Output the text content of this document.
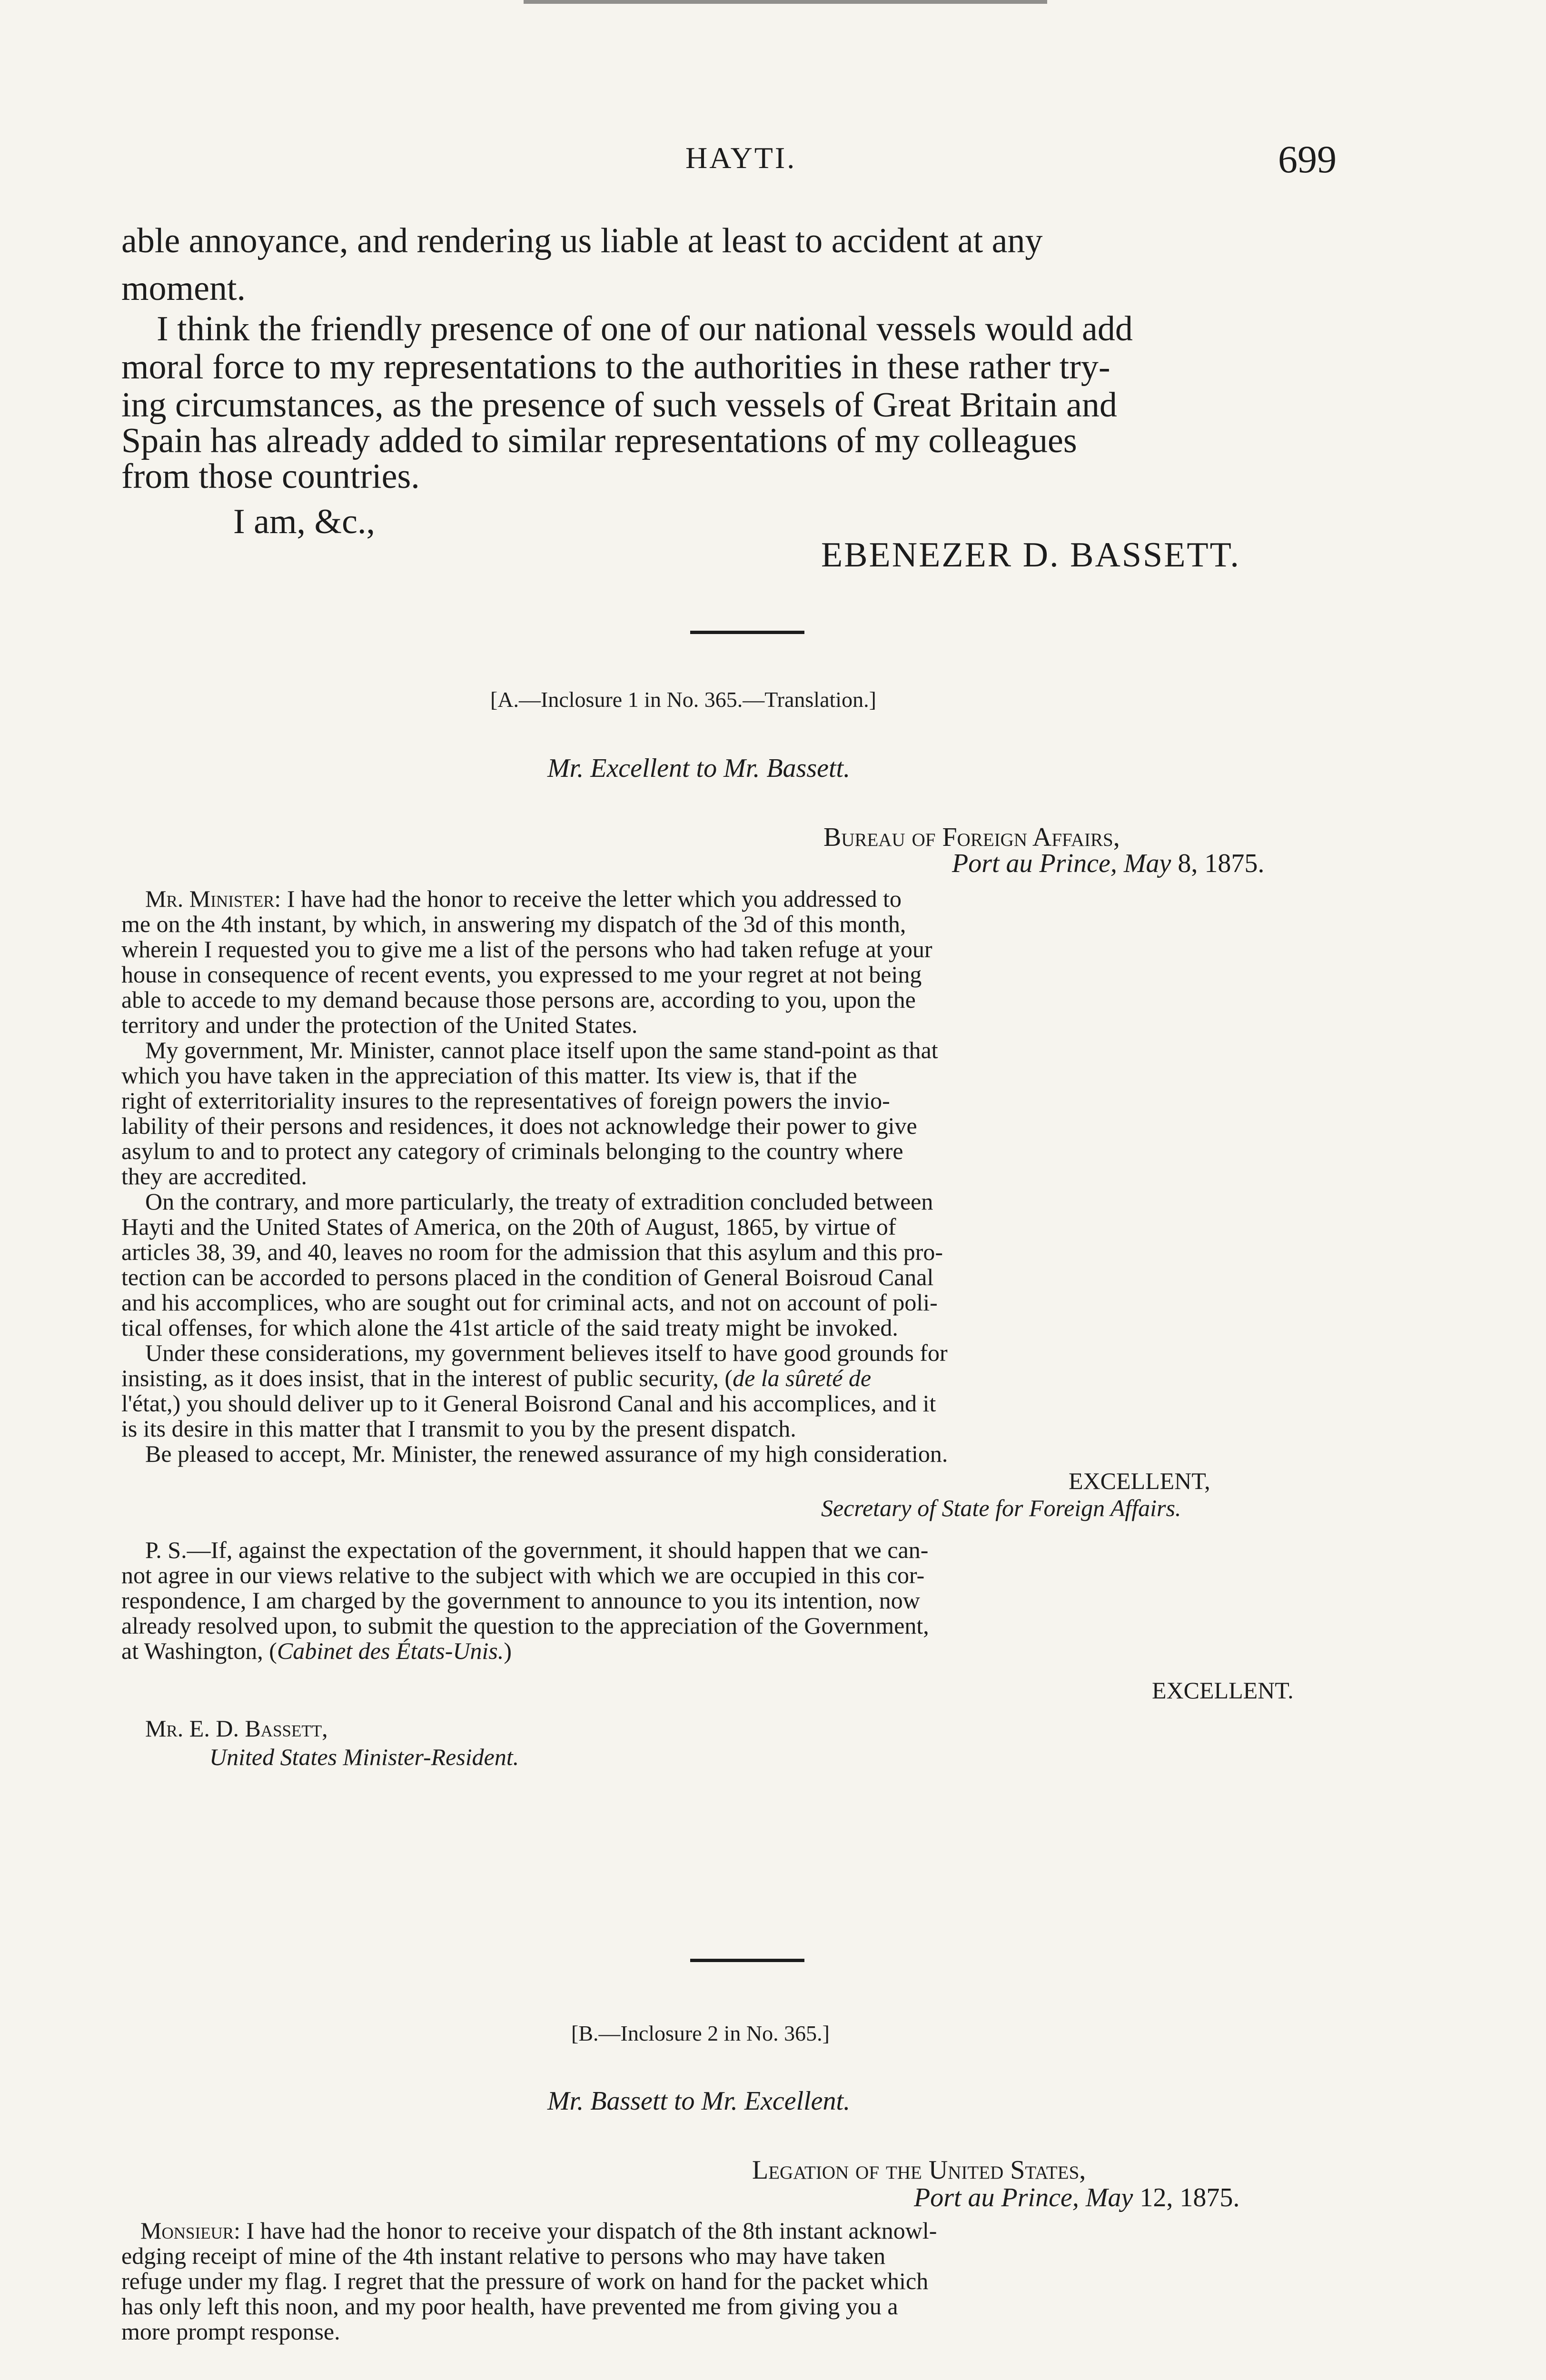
HAYTI.	699
able annoyance, and rendering us liable at least to accident at any
moment.
I think the friendly presence of one of our national vessels would add
moral force to my representations to the authorities in these rather try-
ing circumstances, as the presence of such vessels of Great Britain and
Spain has already added to similar representations of my colleagues
from those countries.
I am, &c.,
EBENEZER D. BASSETT.
[A.—Inclosure 1 in No. 365.—Translation.]
Mr. Excellent to Mr. Bassett.
Bureau of Foreign Affairs,
Port au Prince, May 8, 1875.
Mr. Minister: I have had the honor to receive the letter which you addressed to
me on the 4th instant, by which, in answering my dispatch of the 3d of this month,
wherein I requested you to give me a list of the persons who had taken refuge at your
house in consequence of recent events, you expressed to me your regret at not being
able to accede to my demand because those persons are, according to you, upon the
territory and under the protection of the United States.
My government, Mr. Minister, cannot place itself upon the same stand-point as that
which you have taken in the appreciation of this matter. Its view is, that if the
right of exterritoriality insures to the representatives of foreign powers the invio-
lability of their persons and residences, it does not acknowledge their power to give
asylum to and to protect any category of criminals belonging to the country where
they are accredited.
On the contrary, and more particularly, the treaty of extradition concluded between
Hayti and the United States of America, on the 20th of August, 1865, by virtue of
articles 38, 39, and 40, leaves no room for the admission that this asylum and this pro-
tection can be accorded to persons placed in the condition of General Boisroud Canal
and his accomplices, who are sought out for criminal acts, and not on account of poli-
tical offenses, for which alone the 41st article of the said treaty might be invoked.
Under these considerations, my government believes itself to have good grounds for
insisting, as it does insist, that in the interest of public security, (de la sûreté de
l'état,) you should deliver up to it General Boisrond Canal and his accomplices, and it
is its desire in this matter that I transmit to you by the present dispatch.
Be pleased to accept, Mr. Minister, the renewed assurance of my high consideration.
EXCELLENT,
Secretary of State for Foreign Affairs.
P. S.—If, against the expectation of the government, it should happen that we can-
not agree in our views relative to the subject with which we are occupied in this cor-
respondence, I am charged by the government to announce to you its intention, now
already resolved upon, to submit the question to the appreciation of the Government,
at Washington, (Cabinet des États-Unis.)
EXCELLENT.
Mr. E. D. Bassett,
United States Minister-Resident.
[B.—Inclosure 2 in No. 365.]
Mr. Bassett to Mr. Excellent.
Legation of the United States,
Port au Prince, May 12, 1875.
Monsieur: I have had the honor to receive your dispatch of the 8th instant acknowl-
edging receipt of mine of the 4th instant relative to persons who may have taken
refuge under my flag. I regret that the pressure of work on hand for the packet which
has only left this noon, and my poor health, have prevented me from giving you a
more prompt response.
